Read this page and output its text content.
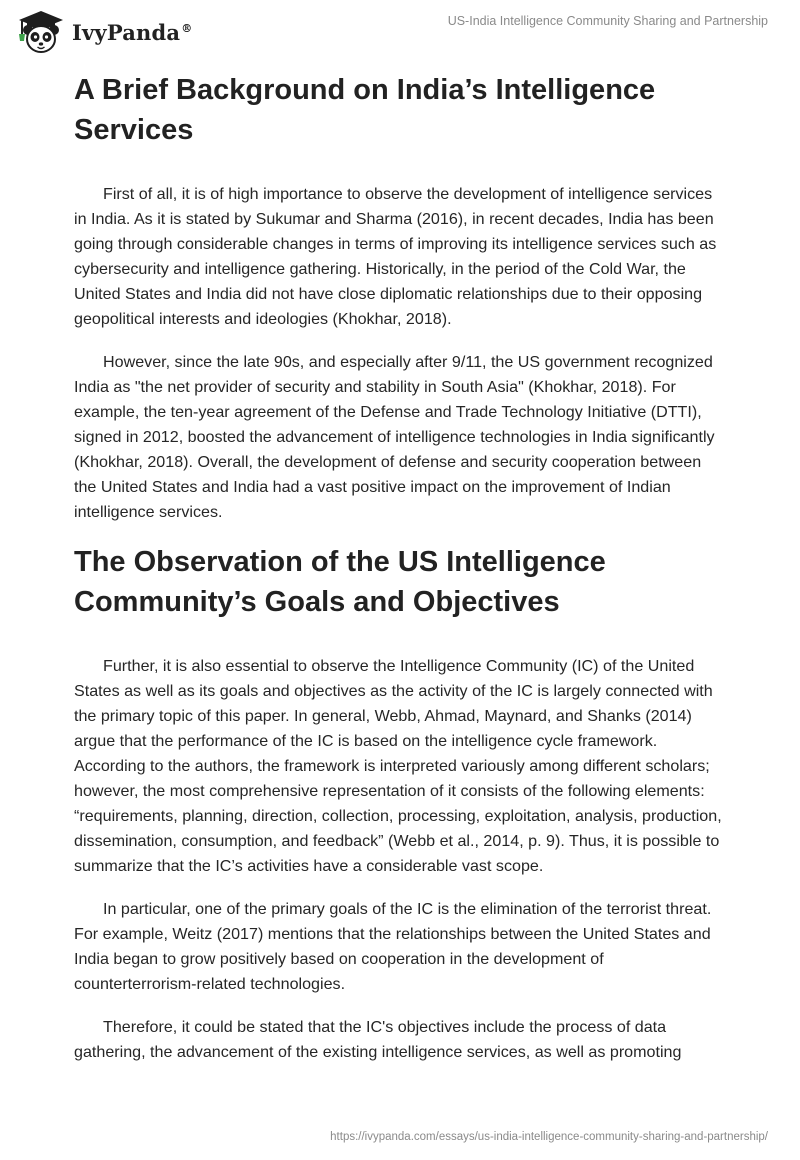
IvyPanda®	US-India Intelligence Community Sharing and Partnership
A Brief Background on India’s Intelligence Services

First of all, it is of high importance to observe the development of intelligence services in India. As it is stated by Sukumar and Sharma (2016), in recent decades, India has been going through considerable changes in terms of improving its intelligence services such as cybersecurity and intelligence gathering. Historically, in the period of the Cold War, the United States and India did not have close diplomatic relationships due to their opposing geopolitical interests and ideologies (Khokhar, 2018).

However, since the late 90s, and especially after 9/11, the US government recognized India as "the net provider of security and stability in South Asia" (Khokhar, 2018). For example, the ten-year agreement of the Defense and Trade Technology Initiative (DTTI), signed in 2012, boosted the advancement of intelligence technologies in India significantly (Khokhar, 2018). Overall, the development of defense and security cooperation between the United States and India had a vast positive impact on the improvement of Indian intelligence services.

The Observation of the US Intelligence Community’s Goals and Objectives

Further, it is also essential to observe the Intelligence Community (IC) of the United States as well as its goals and objectives as the activity of the IC is largely connected with the primary topic of this paper. In general, Webb, Ahmad, Maynard, and Shanks (2014) argue that the performance of the IC is based on the intelligence cycle framework. According to the authors, the framework is interpreted variously among different scholars; however, the most comprehensive representation of it consists of the following elements: “requirements, planning, direction, collection, processing, exploitation, analysis, production, dissemination, consumption, and feedback” (Webb et al., 2014, p. 9). Thus, it is possible to summarize that the IC’s activities have a considerable vast scope.

In particular, one of the primary goals of the IC is the elimination of the terrorist threat. For example, Weitz (2017) mentions that the relationships between the United States and India began to grow positively based on cooperation in the development of counterterrorism-related technologies.

Therefore, it could be stated that the IC's objectives include the process of data gathering, the advancement of the existing intelligence services, as well as promoting

https://ivypanda.com/essays/us-india-intelligence-community-sharing-and-partnership/
